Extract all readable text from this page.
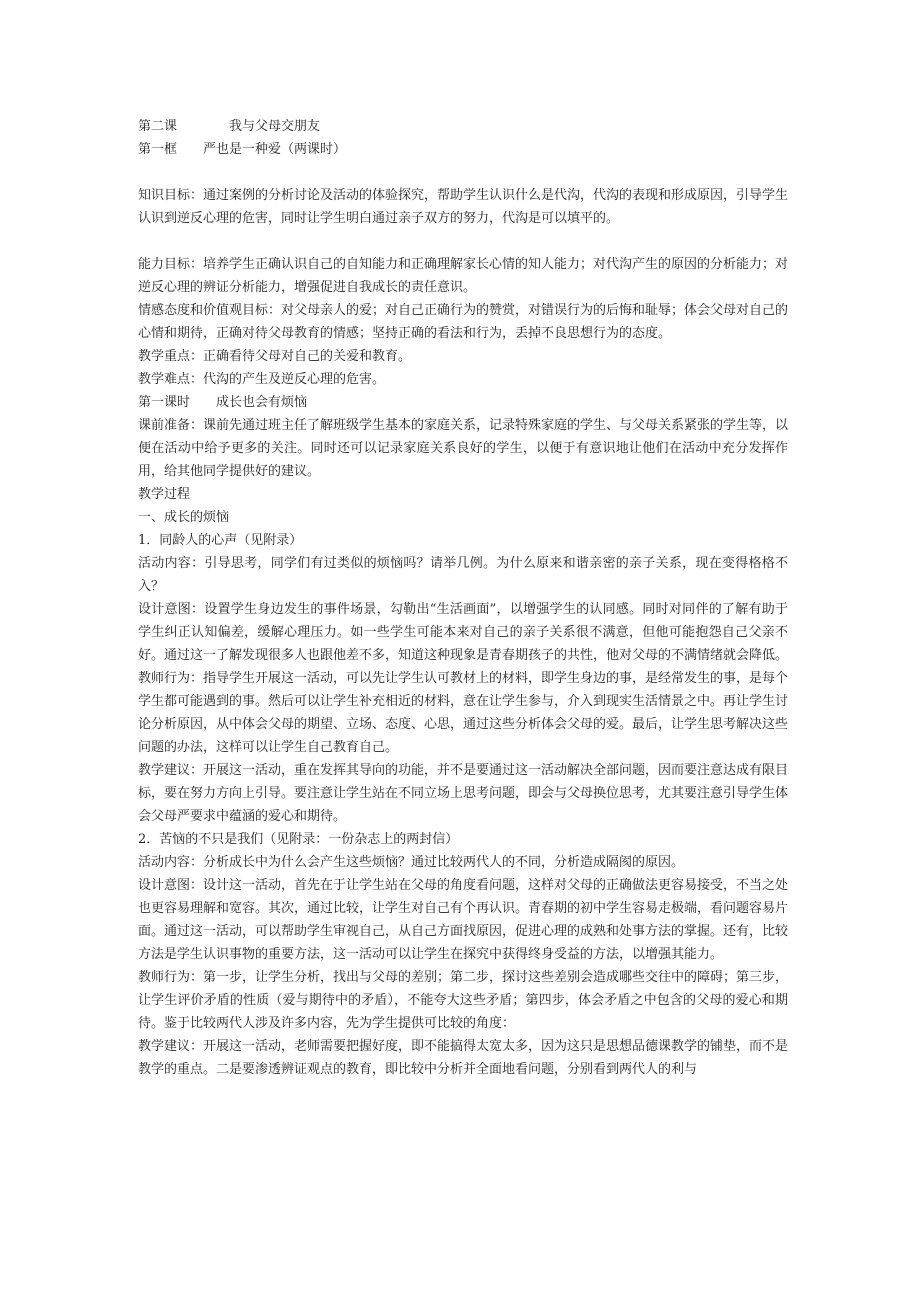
第二课	我与父母交朋友

第一框 严也是一种爱（两课时）

知识目标：通过案例的分析讨论及活动的体验探究，帮助学生认识什么是代沟，代沟的表现和形成原因，引导学生认识到逆反心理的危害，同时让学生明白通过亲子双方的努力，代沟是可以填平的。

能力目标：培养学生正确认识自己的自知能力和正确理解家长心情的知人能力；对代沟产生的原因的分析能力；对逆反心理的辨证分析能力，增强促进自我成长的责任意识。

情感态度和价值观目标：对父母亲人的爱；对自己正确行为的赞赏，对错误行为的后悔和耻辱；体会父母对自己的心情和期待，正确对待父母教育的情感；坚持正确的看法和行为，丢掉不良思想行为的态度。

教学重点：正确看待父母对自己的关爱和教育。

教学难点：代沟的产生及逆反心理的危害。

第一课时 成长也会有烦恼

课前准备：课前先通过班主任了解班级学生基本的家庭关系，记录特殊家庭的学生、与父母关系紧张的学生等，以便在活动中给予更多的关注。同时还可以记录家庭关系良好的学生，以便于有意识地让他们在活动中充分发挥作用，给其他同学提供好的建议。

教学过程

一、成长的烦恼

1．同龄人的心声（见附录）

活动内容：引导思考，同学们有过类似的烦恼吗？请举几例。为什么原来和谐亲密的亲子关系，现在变得格格不入？

设计意图：设置学生身边发生的事件场景，勾勒出“生活画面”，以增强学生的认同感。同时对同伴的了解有助于学生纠正认知偏差，缓解心理压力。如一些学生可能本来对自己的亲子关系很不满意，但他可能抱怨自己父亲不好。通过这一了解发现很多人也跟他差不多，知道这种现象是青春期孩子的共性，他对父母的不满情绪就会降低。

教师行为：指导学生开展这一活动，可以先让学生认可教材上的材料，即学生身边的事，是经常发生的事，是每个学生都可能遇到的事。然后可以让学生补充相近的材料，意在让学生参与，介入到现实生活情景之中。再让学生讨论分析原因，从中体会父母的期望、立场、态度、心思，通过这些分析体会父母的爱。最后，让学生思考解决这些问题的办法，这样可以让学生自己教育自己。

教学建议：开展这一活动，重在发挥其导向的功能，并不是要通过这一活动解决全部问题，因而要注意达成有限目标，要在努力方向上引导。要注意让学生站在不同立场上思考问题，即会与父母换位思考，尤其要注意引导学生体会父母严要求中蕴涵的爱心和期待。

2．苦恼的不只是我们（见附录：一份杂志上的两封信）

活动内容：分析成长中为什么会产生这些烦恼？通过比较两代人的不同，分析造成隔阂的原因。

设计意图：设计这一活动，首先在于让学生站在父母的角度看问题，这样对父母的正确做法更容易接受，不当之处也更容易理解和宽容。其次，通过比较，让学生对自己有个再认识。青春期的初中学生容易走极端，看问题容易片面。通过这一活动，可以帮助学生审视自己，从自己方面找原因，促进心理的成熟和处事方法的掌握。还有，比较方法是学生认识事物的重要方法，这一活动可以让学生在探究中获得终身受益的方法，以增强其能力。

教师行为：第一步，让学生分析，找出与父母的差别；第二步，探讨这些差别会造成哪些交往中的障碍；第三步，让学生评价矛盾的性质（爱与期待中的矛盾），不能夸大这些矛盾；第四步，体会矛盾之中包含的父母的爱心和期待。鉴于比较两代人涉及许多内容，先为学生提供可比较的角度：

教学建议：开展这一活动，老师需要把握好度，即不能搞得太宽太多，因为这只是思想品德课教学的铺垫，而不是教学的重点。二是要渗透辨证观点的教育，即比较中分析并全面地看问题，分别看到两代人的利与
